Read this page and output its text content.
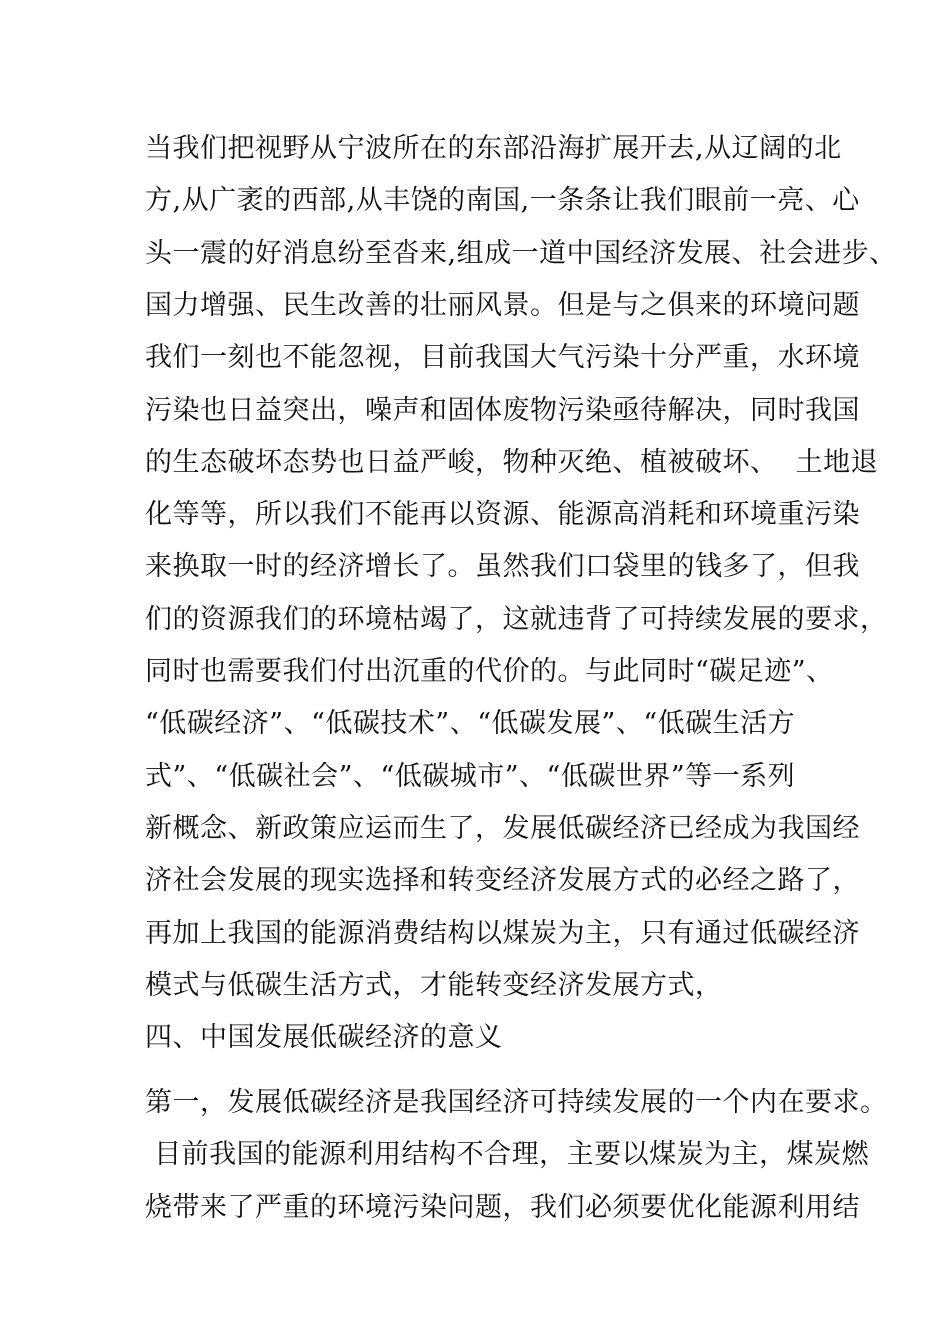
当我们把视野从宁波所在的东部沿海扩展开去,从辽阔的北
方,从广袤的西部,从丰饶的南国,一条条让我们眼前一亮、心
头一震的好消息纷至沓来,组成一道中国经济发展、社会进步、
国力增强、民生改善的壮丽风景。但是与之俱来的环境问题
我们一刻也不能忽视，目前我国大气污染十分严重，水环境
污染也日益突出，噪声和固体废物污染亟待解决，同时我国
的生态破坏态势也日益严峻，物种灭绝、植被破坏、  土地退
化等等，所以我们不能再以资源、能源高消耗和环境重污染
来换取一时的经济增长了。虽然我们口袋里的钱多了，但我
们的资源我们的环境枯竭了，这就违背了可持续发展的要求，
同时也需要我们付出沉重的代价的。与此同时“碳足迹”、
“低碳经济”、“低碳技术”、“低碳发展”、“低碳生活方
式”、“低碳社会”、“低碳城市”、“低碳世界”等一系列
新概念、新政策应运而生了，发展低碳经济已经成为我国经
济社会发展的现实选择和转变经济发展方式的必经之路了，
再加上我国的能源消费结构以煤炭为主，只有通过低碳经济
模式与低碳生活方式，才能转变经济发展方式，
四、中国发展低碳经济的意义
第一，发展低碳经济是我国经济可持续发展的一个内在要求。
目前我国的能源利用结构不合理，主要以煤炭为主，煤炭燃
烧带来了严重的环境污染问题，我们必须要优化能源利用结
